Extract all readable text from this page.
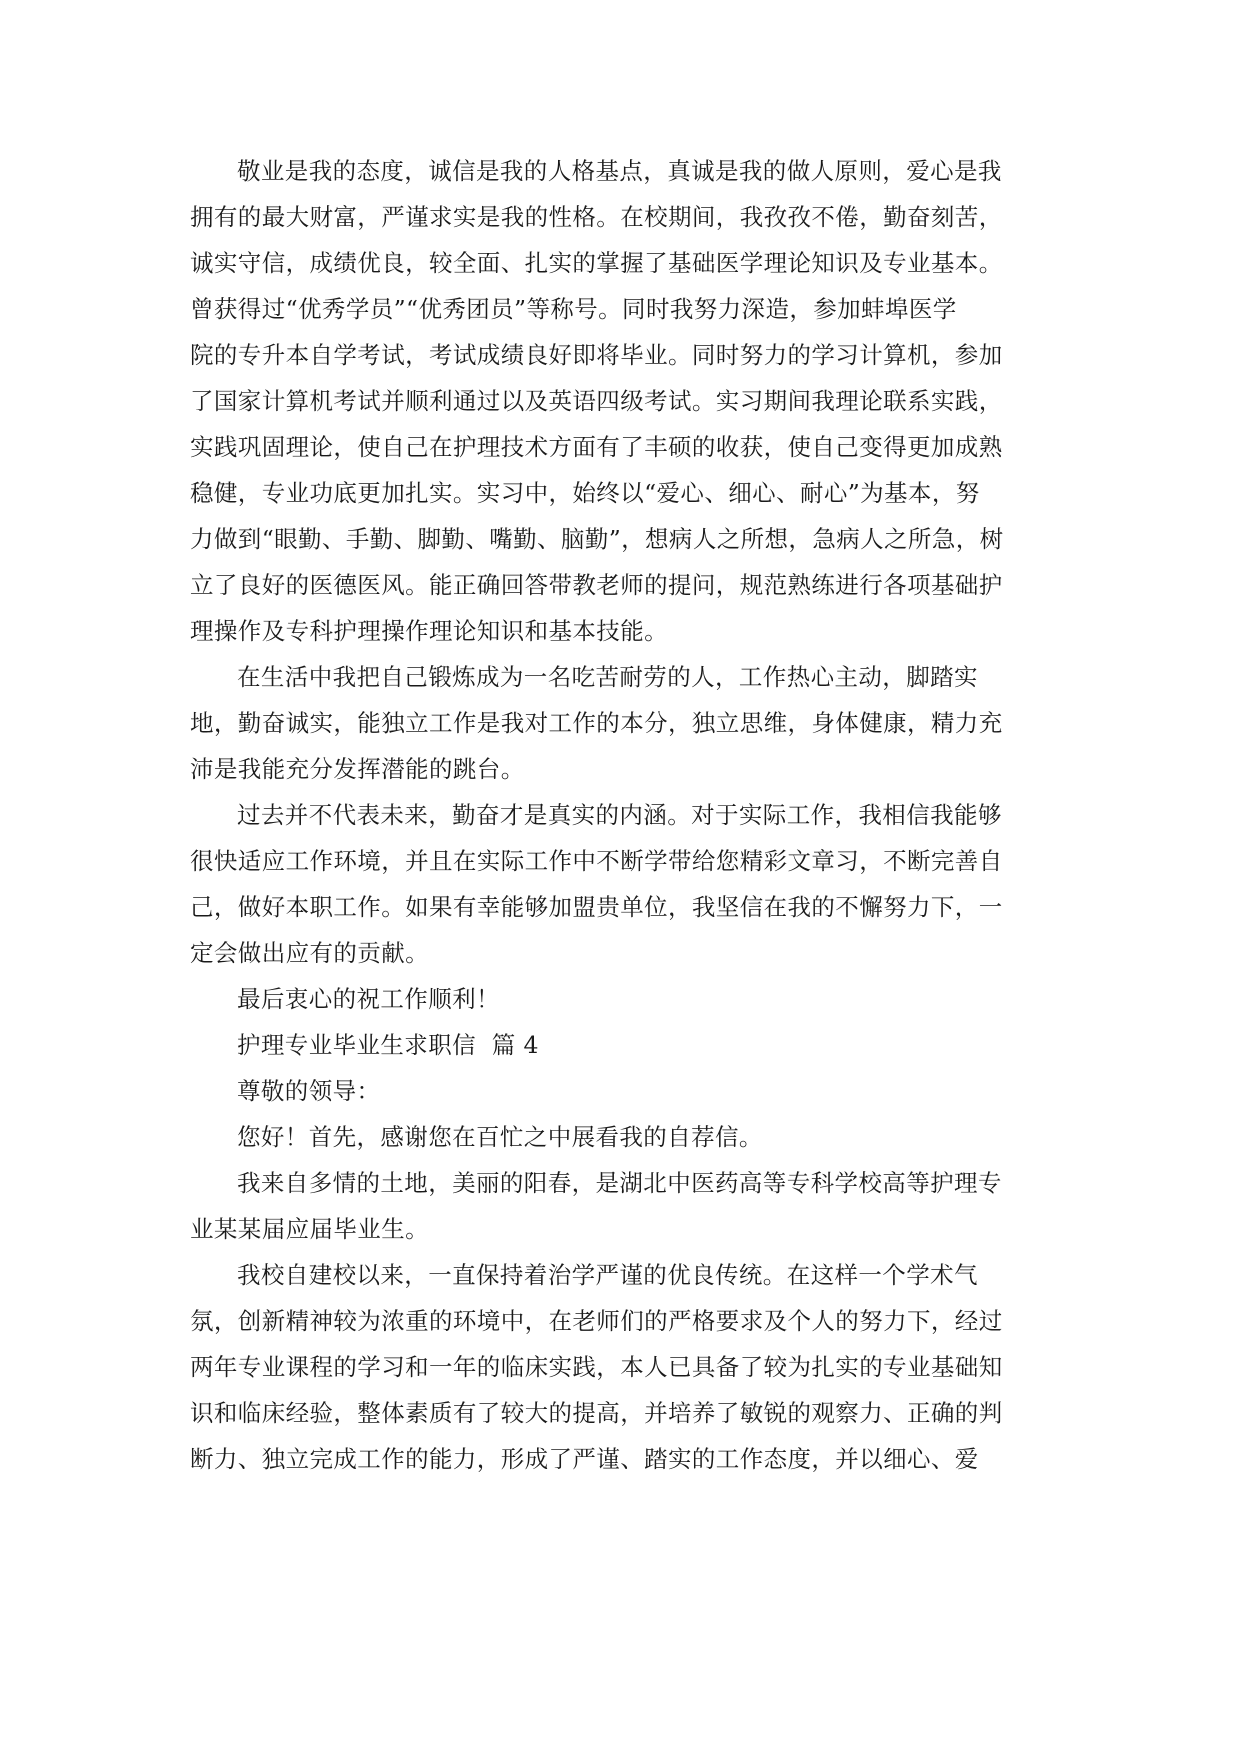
敬业是我的态度，诚信是我的人格基点，真诚是我的做人原则，爱心是我
拥有的最大财富，严谨求实是我的性格。在校期间，我孜孜不倦，勤奋刻苦，
诚实守信，成绩优良，较全面、扎实的掌握了基础医学理论知识及专业基本。
曾获得过“优秀学员”“优秀团员”等称号。同时我努力深造，参加蚌埠医学
院的专升本自学考试，考试成绩良好即将毕业。同时努力的学习计算机，参加
了国家计算机考试并顺利通过以及英语四级考试。实习期间我理论联系实践，
实践巩固理论，使自己在护理技术方面有了丰硕的收获，使自己变得更加成熟
稳健，专业功底更加扎实。实习中，始终以“爱心、细心、耐心”为基本，努
力做到“眼勤、手勤、脚勤、嘴勤、脑勤”，想病人之所想，急病人之所急，树
立了良好的医德医风。能正确回答带教老师的提问，规范熟练进行各项基础护
理操作及专科护理操作理论知识和基本技能。
在生活中我把自己锻炼成为一名吃苦耐劳的人，工作热心主动，脚踏实
地，勤奋诚实，能独立工作是我对工作的本分，独立思维，身体健康，精力充
沛是我能充分发挥潜能的跳台。
过去并不代表未来，勤奋才是真实的内涵。对于实际工作，我相信我能够
很快适应工作环境，并且在实际工作中不断学带给您精彩文章习，不断完善自
己，做好本职工作。如果有幸能够加盟贵单位，我坚信在我的不懈努力下，一
定会做出应有的贡献。
最后衷心的祝工作顺利！
护理专业毕业生求职信  篇 4
尊敬的领导：
您好！首先，感谢您在百忙之中展看我的自荐信。
我来自多情的土地，美丽的阳春，是湖北中医药高等专科学校高等护理专
业某某届应届毕业生。
我校自建校以来，一直保持着治学严谨的优良传统。在这样一个学术气
氛，创新精神较为浓重的环境中，在老师们的严格要求及个人的努力下，经过
两年专业课程的学习和一年的临床实践，本人已具备了较为扎实的专业基础知
识和临床经验，整体素质有了较大的提高，并培养了敏锐的观察力、正确的判
断力、独立完成工作的能力，形成了严谨、踏实的工作态度，并以细心、爱
